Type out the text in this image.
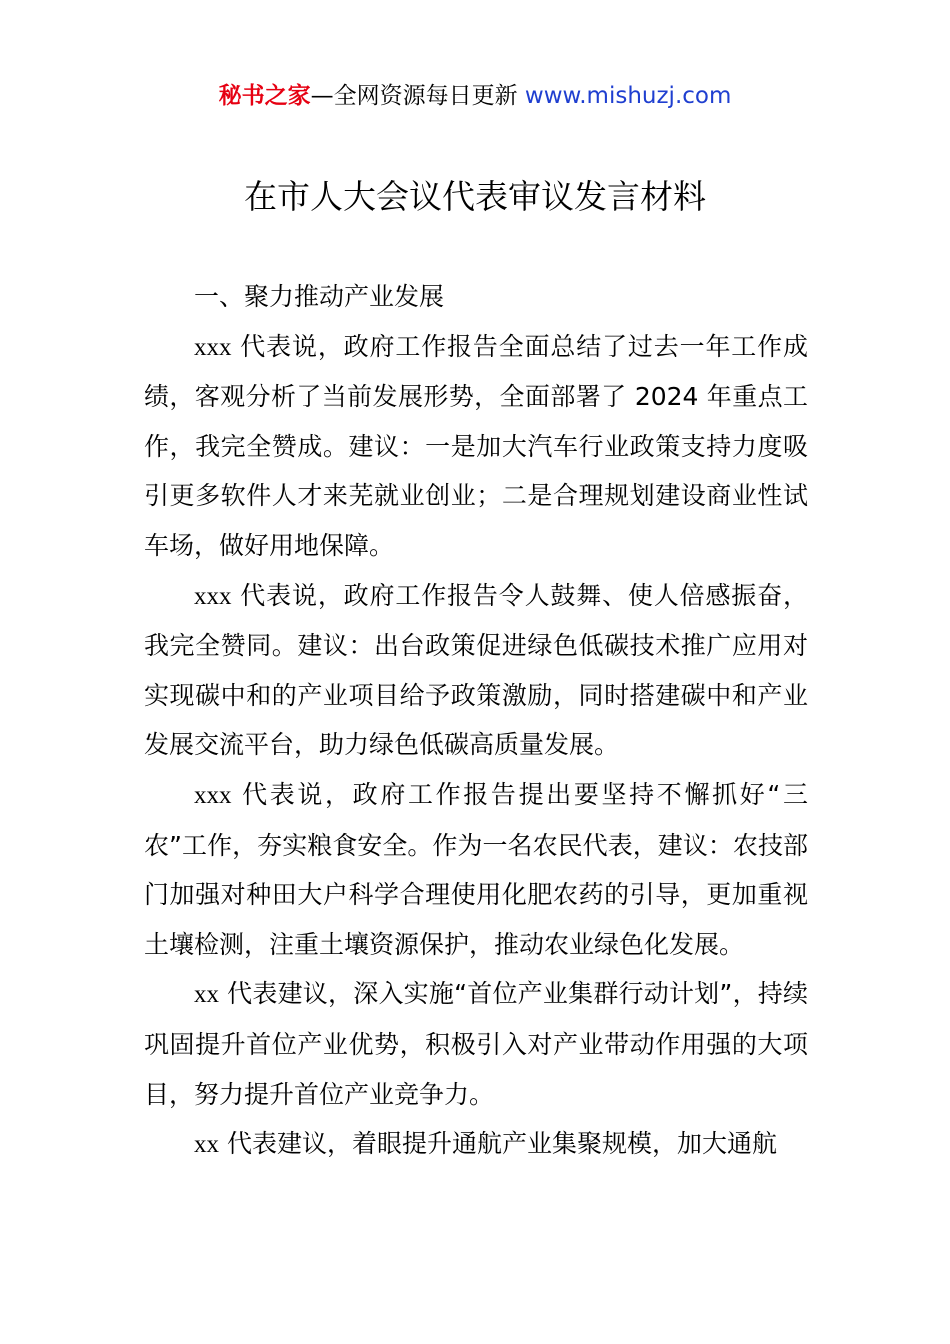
秘书之家—全网资源每日更新 www.mishuzj.com
在市人大会议代表审议发言材料

一、聚力推动产业发展

xxx 代表说，政府工作报告全面总结了过去一年工作成绩，客观分析了当前发展形势，全面部署了 2024 年重点工作，我完全赞成。建议：一是加大汽车行业政策支持力度吸引更多软件人才来芜就业创业；二是合理规划建设商业性试车场，做好用地保障。

xxx 代表说，政府工作报告令人鼓舞、使人倍感振奋，我完全赞同。建议：出台政策促进绿色低碳技术推广应用对实现碳中和的产业项目给予政策激励，同时搭建碳中和产业发展交流平台，助力绿色低碳高质量发展。

xxx 代表说，政府工作报告提出要坚持不懈抓好“三农”工作，夯实粮食安全。作为一名农民代表，建议：农技部门加强对种田大户科学合理使用化肥农药的引导，更加重视土壤检测，注重土壤资源保护，推动农业绿色化发展。

xx 代表建议，深入实施“首位产业集群行动计划”，持续巩固提升首位产业优势，积极引入对产业带动作用强的大项目，努力提升首位产业竞争力。

xx 代表建议，着眼提升通航产业集聚规模，加大通航
